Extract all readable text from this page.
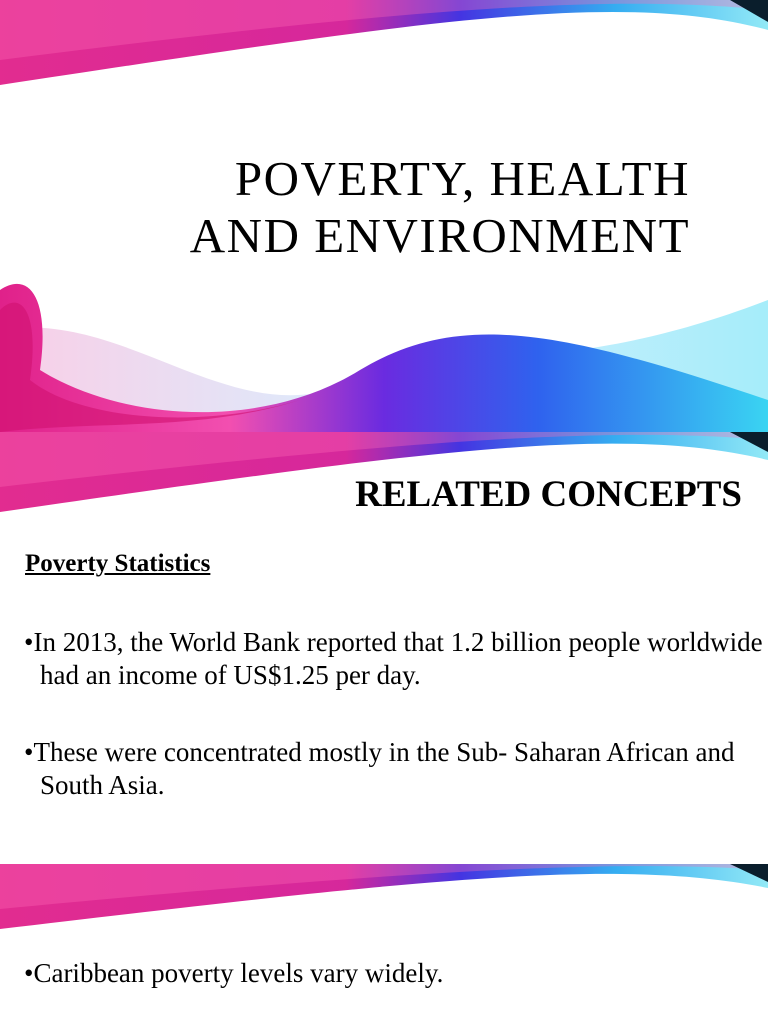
POVERTY, HEALTH
AND ENVIRONMENT
RELATED CONCEPTS
Poverty Statistics
•In 2013, the World Bank reported that 1.2 billion people worldwide had an income of US$1.25 per day.
•These were concentrated mostly in the Sub- Saharan African and South Asia.
•Caribbean poverty levels vary widely.
